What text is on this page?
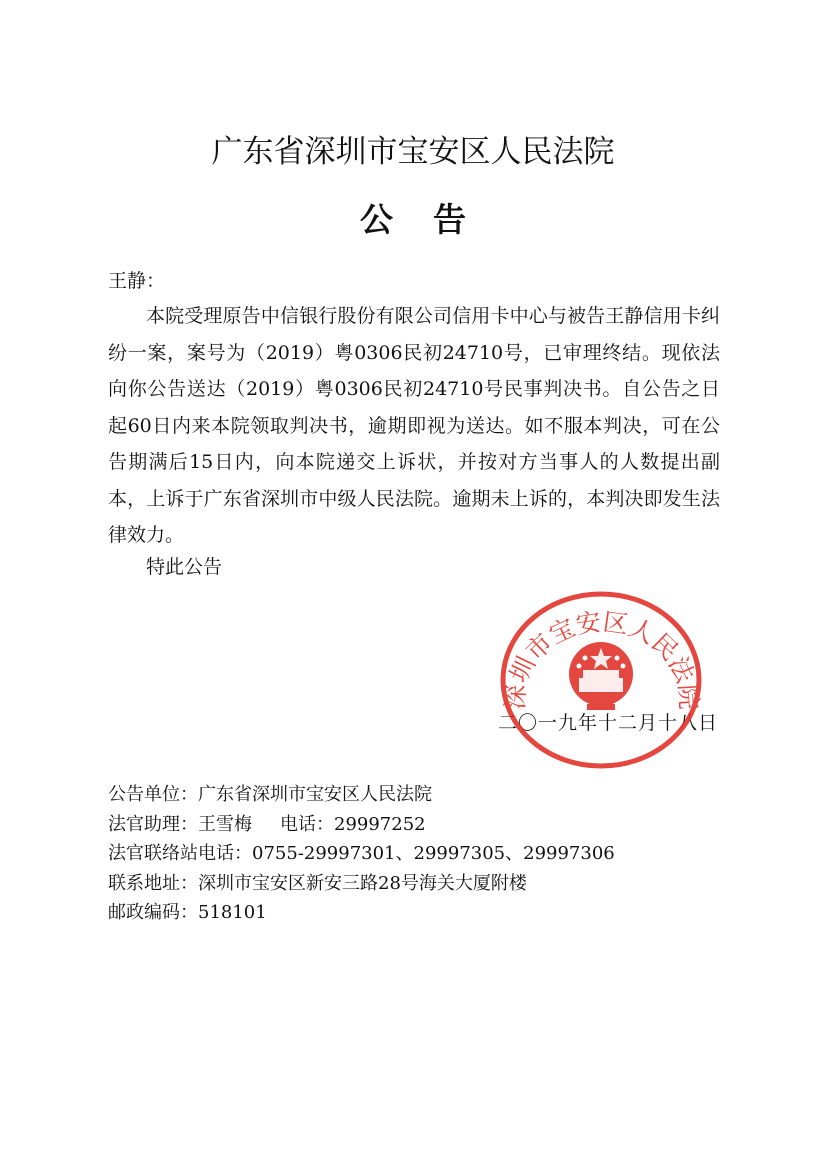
广东省深圳市宝安区人民法院
公告
王静：

本院受理原告中信银行股份有限公司信用卡中心与被告王静信用卡纠纷一案，案号为（2019）粤0306民初24710号，已审理终结。现依法向你公告送达（2019）粤0306民初24710号民事判决书。自公告之日起60日内来本院领取判决书，逾期即视为送达。如不服本判决，可在公告期满后15日内，向本院递交上诉状，并按对方当事人的人数提出副本，上诉于广东省深圳市中级人民法院。逾期未上诉的，本判决即发生法律效力。

特此公告
二〇一九年十二月十八日
深圳市宝安区人民法院
公告单位：广东省深圳市宝安区人民法院
法官助理：王雪梅 电话：29997252
法官联络站电话：0755-29997301、29997305、29997306
联系地址：深圳市宝安区新安三路28号海关大厦附楼
邮政编码：518101
